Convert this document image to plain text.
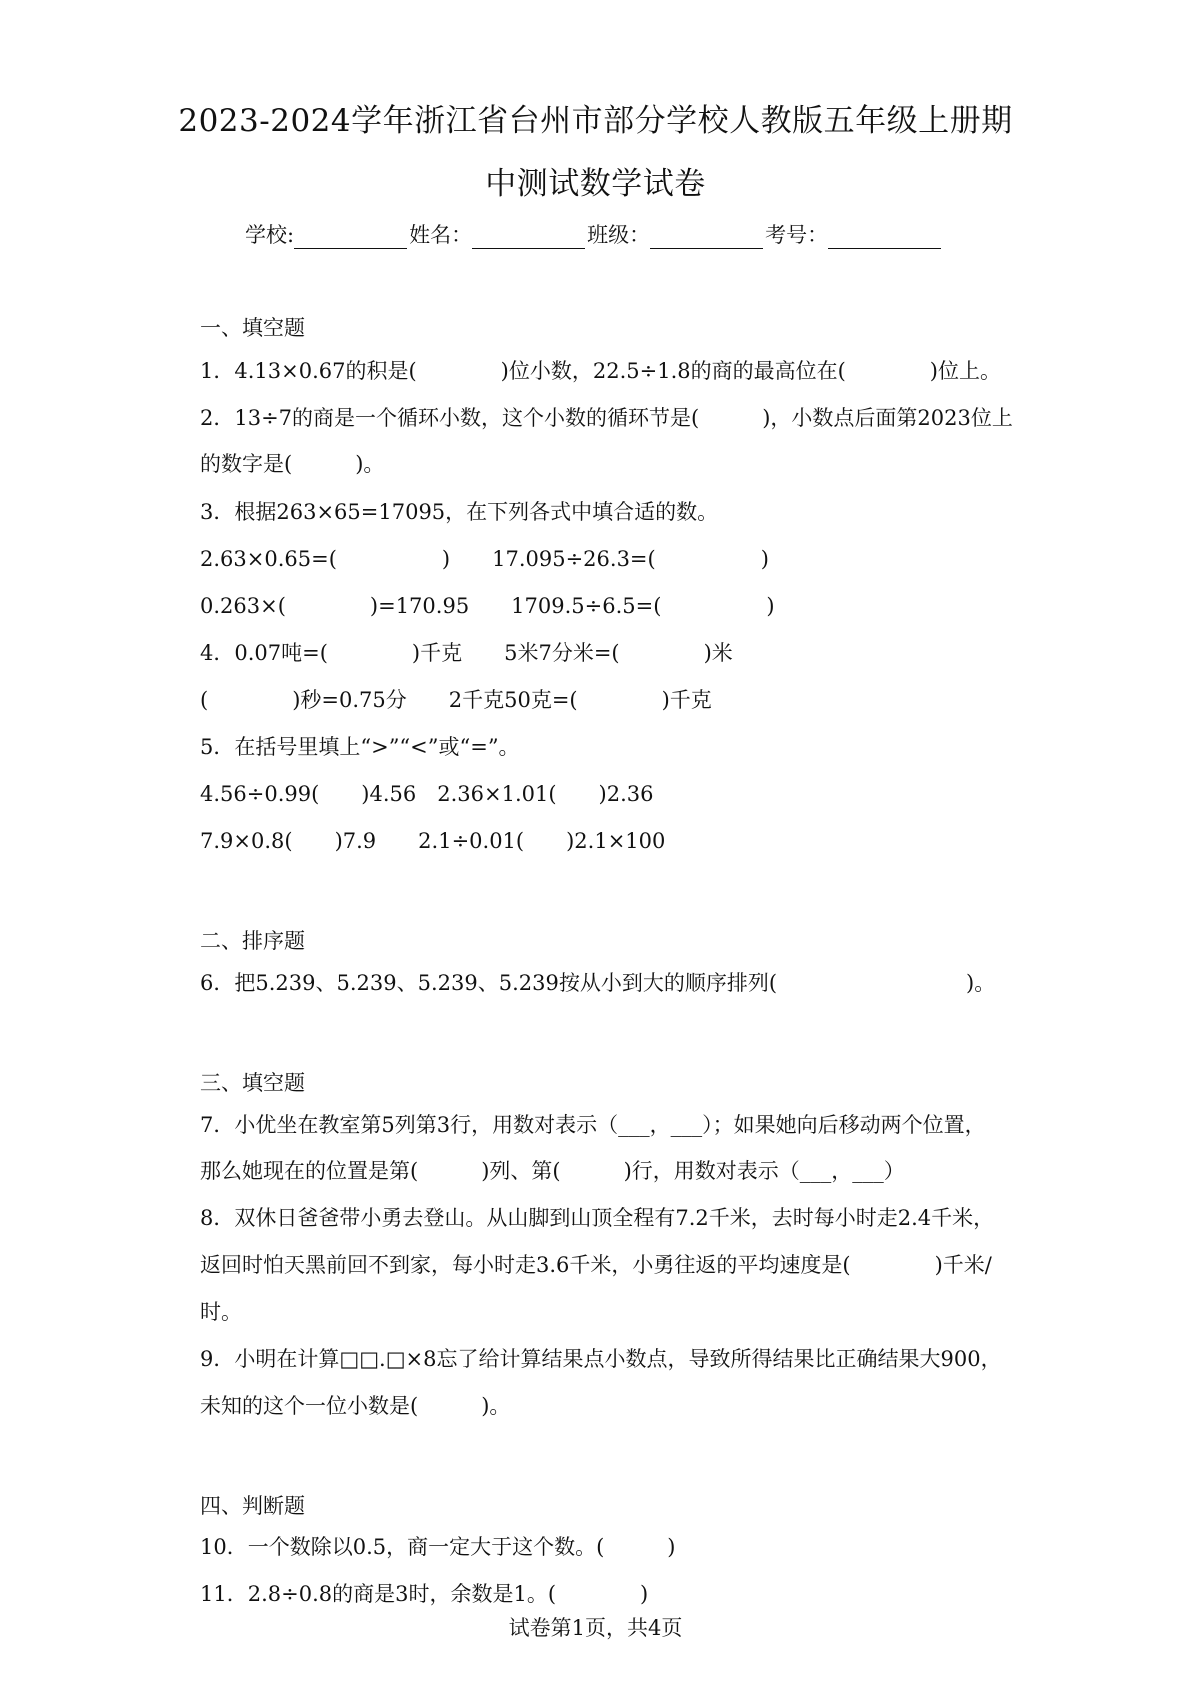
2023-2024学年浙江省台州市部分学校人教版五年级上册期
中测试数学试卷
学校:	姓名：	班级：	考号：
一、填空题
1．4.13×0.67的积是(　　　　)位小数，22.5÷1.8的商的最高位在(　　　　)位上。
2．13÷7的商是一个循环小数，这个小数的循环节是(　　　)，小数点后面第2023位上
的数字是(　　　)。
3．根据263×65=17095，在下列各式中填合适的数。
2.63×0.65=(　　　　　)　　17.095÷26.3=(　　　　　)
0.263×(　　　　)=170.95　　1709.5÷6.5=(　　　　　)
4．0.07吨=(　　　　)千克　　5米7分米=(　　　　)米
(　　　　)秒=0.75分　　2千克50克=(　　　　)千克
5．在括号里填上“>”“<”或“=”。
4.56÷0.99(　　)4.56　2.36×1.01(　　)2.36
7.9×0.8(　　)7.9　　2.1÷0.01(　　)2.1×100
二、排序题
6．把5.239、5.239、5.239、5.239按从小到大的顺序排列(　　　　　　　　　)。
三、填空题
7．小优坐在教室第5列第3行，用数对表示（___，___）；如果她向后移动两个位置，
那么她现在的位置是第(　　　)列、第(　　　)行，用数对表示（___，___）
8．双休日爸爸带小勇去登山。从山脚到山顶全程有7.2千米，去时每小时走2.4千米，
返回时怕天黑前回不到家，每小时走3.6千米，小勇往返的平均速度是(　　　　)千米/
时。
9．小明在计算□□.□×8忘了给计算结果点小数点，导致所得结果比正确结果大900，
未知的这个一位小数是(　　　)。
四、判断题
10．一个数除以0.5，商一定大于这个数。(　　　)
11．2.8÷0.8的商是3时，余数是1。(　　　　)
试卷第1页，共4页
